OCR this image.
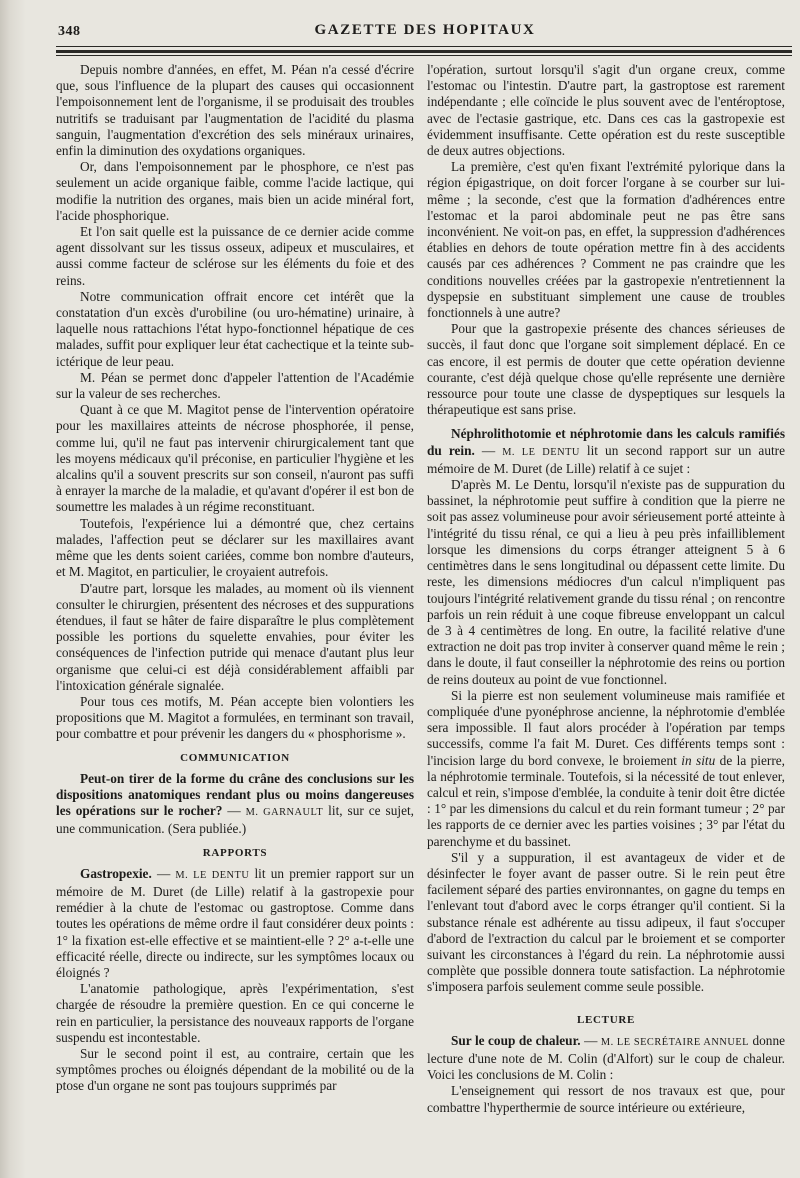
348	GAZETTE DES HOPITAUX

Depuis nombre d'années, en effet, M. Péan n'a cessé d'écrire que, sous l'influence de la plupart des causes qui occasionnent l'empoisonnement lent de l'organisme, il se produisait des troubles nutritifs se traduisant par l'augmentation de l'acidité du plasma sanguin, l'augmentation d'excrétion des sels minéraux urinaires, enfin la diminution des oxydations organiques.

Or, dans l'empoisonnement par le phosphore, ce n'est pas seulement un acide organique faible, comme l'acide lactique, qui modifie la nutrition des organes, mais bien un acide minéral fort, l'acide phosphorique.

Et l'on sait quelle est la puissance de ce dernier acide comme agent dissolvant sur les tissus osseux, adipeux et musculaires, et aussi comme facteur de sclérose sur les éléments du foie et des reins.

Notre communication offrait encore cet intérêt que la constatation d'un excès d'urobiline (ou uro-hématine) urinaire, à laquelle nous rattachions l'état hypo-fonctionnel hépatique de ces malades, suffit pour expliquer leur état cachectique et la teinte sub-ictérique de leur peau.

M. Péan se permet donc d'appeler l'attention de l'Académie sur la valeur de ses recherches.

Quant à ce que M. Magitot pense de l'intervention opératoire pour les maxillaires atteints de nécrose phosphorée, il pense, comme lui, qu'il ne faut pas intervenir chirurgicalement tant que les moyens médicaux qu'il préconise, en particulier l'hygiène et les alcalins qu'il a souvent prescrits sur son conseil, n'auront pas suffi à enrayer la marche de la maladie, et qu'avant d'opérer il est bon de soumettre les malades à un régime reconstituant.

Toutefois, l'expérience lui a démontré que, chez certains malades, l'affection peut se déclarer sur les maxillaires avant même que les dents soient cariées, comme bon nombre d'auteurs, et M. Magitot, en particulier, le croyaient autrefois.

D'autre part, lorsque les malades, au moment où ils viennent consulter le chirurgien, présentent des nécroses et des suppurations étendues, il faut se hâter de faire disparaître le plus complètement possible les portions du squelette envahies, pour éviter les conséquences de l'infection putride qui menace d'autant plus leur organisme que celui-ci est déjà considérablement affaibli par l'intoxication générale signalée.

Pour tous ces motifs, M. Péan accepte bien volontiers les propositions que M. Magitot a formulées, en terminant son travail, pour combattre et pour prévenir les dangers du « phosphorisme ».

COMMUNICATION

Peut-on tirer de la forme du crâne des conclusions sur les dispositions anatomiques rendant plus ou moins dangereuses les opérations sur le rocher? — M. GARNAULT lit, sur ce sujet, une communication. (Sera publiée.)

RAPPORTS

Gastropexie. — M. LE DENTU lit un premier rapport sur un mémoire de M. Duret (de Lille) relatif à la gastropexie pour remédier à la chute de l'estomac ou gastroptose. Comme dans toutes les opérations de même ordre il faut considérer deux points : 1° la fixation est-elle effective et se maintient-elle ? 2° a-t-elle une efficacité réelle, directe ou indirecte, sur les symptômes locaux ou éloignés ?

L'anatomie pathologique, après l'expérimentation, s'est chargée de résoudre la première question. En ce qui concerne le rein en particulier, la persistance des nouveaux rapports de l'organe suspendu est incontestable.

Sur le second point il est, au contraire, certain que les symptômes proches ou éloignés dépendant de la mobilité ou de la ptose d'un organe ne sont pas toujours supprimés par

l'opération, surtout lorsqu'il s'agit d'un organe creux, comme l'estomac ou l'intestin. D'autre part, la gastroptose est rarement indépendante ; elle coïncide le plus souvent avec de l'entéroptose, avec de l'ectasie gastrique, etc. Dans ces cas la gastropexie est évidemment insuffisante. Cette opération est du reste susceptible de deux autres objections.

La première, c'est qu'en fixant l'extrémité pylorique dans la région épigastrique, on doit forcer l'organe à se courber sur lui-même ; la seconde, c'est que la formation d'adhérences entre l'estomac et la paroi abdominale peut ne pas être sans inconvénient. Ne voit-on pas, en effet, la suppression d'adhérences établies en dehors de toute opération mettre fin à des accidents causés par ces adhérences ? Comment ne pas craindre que les conditions nouvelles créées par la gastropexie n'entretiennent la dyspepsie en substituant simplement une cause de troubles fonctionnels à une autre?

Pour que la gastropexie présente des chances sérieuses de succès, il faut donc que l'organe soit simplement déplacé. En ce cas encore, il est permis de douter que cette opération devienne courante, c'est déjà quelque chose qu'elle représente une dernière ressource pour toute une classe de dyspeptiques sur lesquels la thérapeutique est sans prise.

Néphrolithotomie et néphrotomie dans les calculs ramifiés du rein. — M. LE DENTU lit un second rapport sur un autre mémoire de M. Duret (de Lille) relatif à ce sujet :

D'après M. Le Dentu, lorsqu'il n'existe pas de suppuration du bassinet, la néphrotomie peut suffire à condition que la pierre ne soit pas assez volumineuse pour avoir sérieusement porté atteinte à l'intégrité du tissu rénal, ce qui a lieu à peu près infailliblement lorsque les dimensions du corps étranger atteignent 5 à 6 centimètres dans le sens longitudinal ou dépassent cette limite. Du reste, les dimensions médiocres d'un calcul n'impliquent pas toujours l'intégrité relativement grande du tissu rénal ; on rencontre parfois un rein réduit à une coque fibreuse enveloppant un calcul de 3 à 4 centimètres de long. En outre, la facilité relative d'une extraction ne doit pas trop inviter à conserver quand même le rein ; dans le doute, il faut conseiller la néphrotomie des reins ou portion de reins douteux au point de vue fonctionnel.

Si la pierre est non seulement volumineuse mais ramifiée et compliquée d'une pyonéphrose ancienne, la néphrotomie d'emblée sera impossible. Il faut alors procéder à l'opération par temps successifs, comme l'a fait M. Duret. Ces différents temps sont : l'incision large du bord convexe, le broiement in situ de la pierre, la néphrotomie terminale. Toutefois, si la nécessité de tout enlever, calcul et rein, s'impose d'emblée, la conduite à tenir doit être dictée : 1° par les dimensions du calcul et du rein formant tumeur ; 2° par les rapports de ce dernier avec les parties voisines ; 3° par l'état du parenchyme et du bassinet.

S'il y a suppuration, il est avantageux de vider et de désinfecter le foyer avant de passer outre. Si le rein peut être facilement séparé des parties environnantes, on gagne du temps en l'enlevant tout d'abord avec le corps étranger qu'il contient. Si la substance rénale est adhérente au tissu adipeux, il faut s'occuper d'abord de l'extraction du calcul par le broiement et se comporter suivant les circonstances à l'égard du rein. La néphrotomie aussi complète que possible donnera toute satisfaction. La néphrotomie s'imposera parfois seulement comme seule possible.

LECTURE

Sur le coup de chaleur. — M. LE SECRÉTAIRE ANNUEL donne lecture d'une note de M. Colin (d'Alfort) sur le coup de chaleur. Voici les conclusions de M. Colin :

L'enseignement qui ressort de nos travaux est que, pour combattre l'hyperthermie de source intérieure ou extérieure,
